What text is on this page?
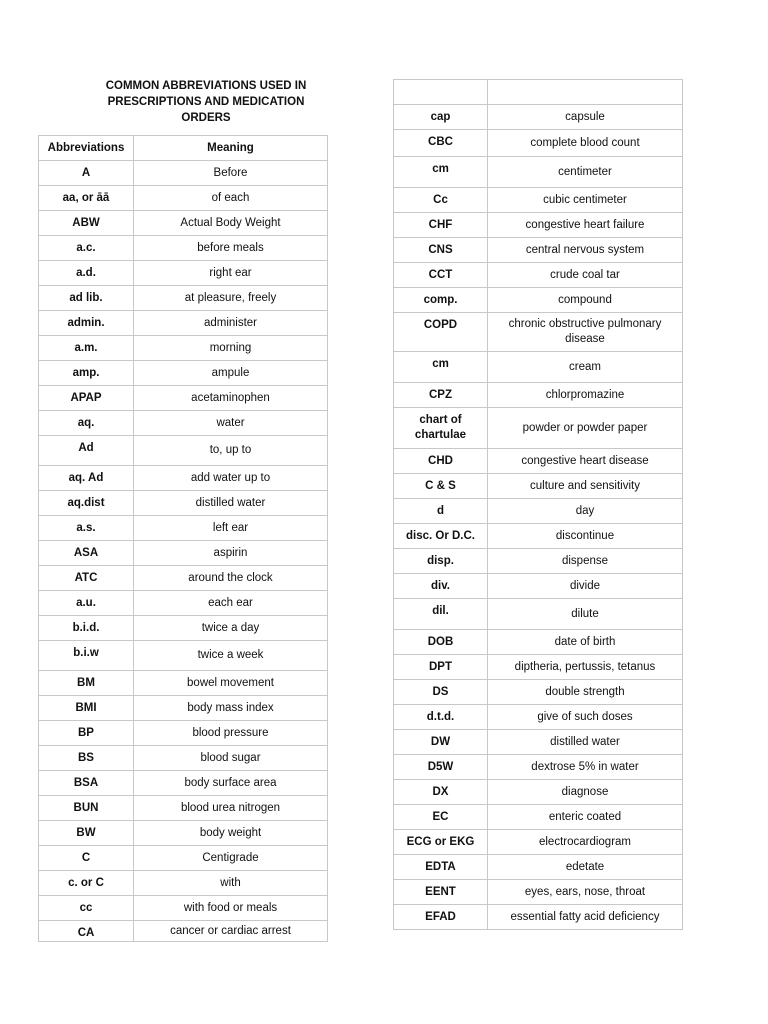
COMMON ABBREVIATIONS USED IN
PRESCRIPTIONS AND MEDICATION
ORDERS
Abbreviations	Meaning
A	Before
aa, or āā	of each
ABW	Actual Body Weight
a.c.	before meals
a.d.	right ear
ad lib.	at pleasure, freely
admin.	administer
a.m.	morning
amp.	ampule
APAP	acetaminophen
aq.	water
Ad	to, up to
aq. Ad	add water up to
aq.dist	distilled water
a.s.	left ear
ASA	aspirin
ATC	around the clock
a.u.	each ear
b.i.d.	twice a day
b.i.w	twice a week
BM	bowel movement
BMI	body mass index
BP	blood pressure
BS	blood sugar
BSA	body surface area
BUN	blood urea nitrogen
BW	body weight
C	Centigrade
c. or C	with
cc	with food or meals
CA	cancer or cardiac arrest

cap	capsule
CBC	complete blood count
cm	centimeter
Cc	cubic centimeter
CHF	congestive heart failure
CNS	central nervous system
CCT	crude coal tar
comp.	compound
COPD	chronic obstructive pulmonary disease
cm	cream
CPZ	chlorpromazine
chart of chartulae	powder or powder paper
CHD	congestive heart disease
C & S	culture and sensitivity
d	day
disc. Or D.C.	discontinue
disp.	dispense
div.	divide
dil.	dilute
DOB	date of birth
DPT	diptheria, pertussis, tetanus
DS	double strength
d.t.d.	give of such doses
DW	distilled water
D5W	dextrose 5% in water
DX	diagnose
EC	enteric coated
ECG or EKG	electrocardiogram
EDTA	edetate
EENT	eyes, ears, nose, throat
EFAD	essential fatty acid deficiency
